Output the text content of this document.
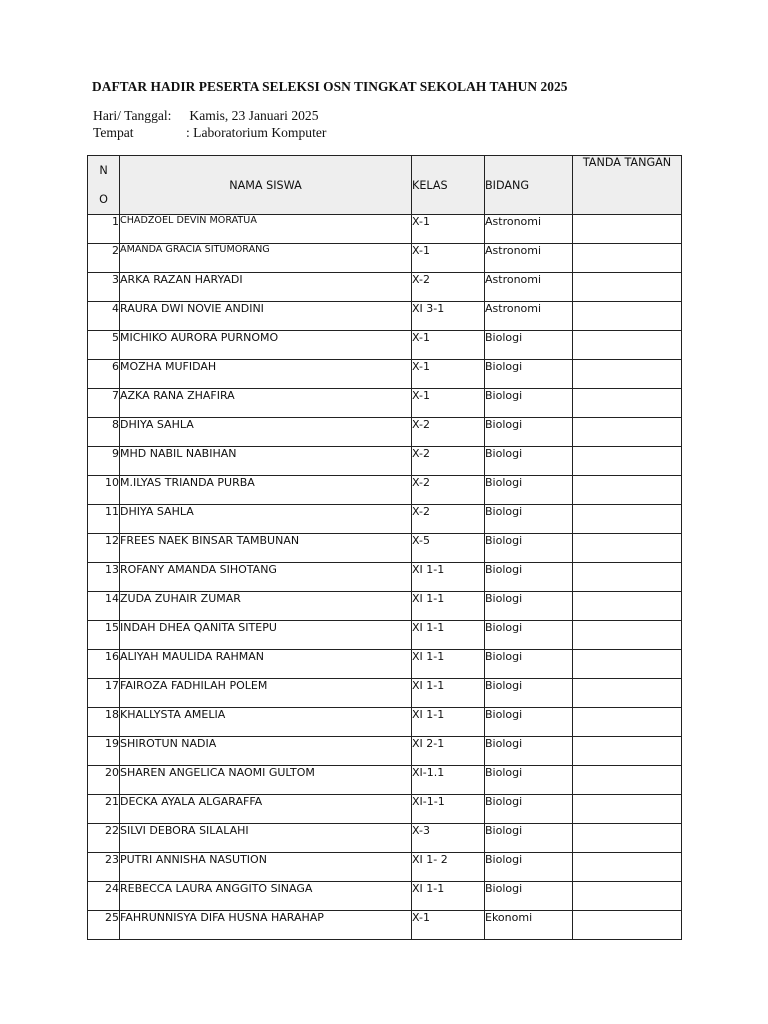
DAFTAR HADIR PESERTA SELEKSI OSN TINGKAT SEKOLAH TAHUN 2025
Hari/ Tanggal: Kamis, 23 Januari 2025
Tempat	: Laboratorium Komputer
N
O	NAMA SISWA	KELAS	BIDANG	TANDA TANGAN
1	CHADZOEL DEVIN MORATUA	X-1	Astronomi	
2	AMANDA GRACIA SITUMORANG	X-1	Astronomi	
3	ARKA RAZAN HARYADI	X-2	Astronomi	
4	RAURA DWI NOVIE ANDINI	XI 3-1	Astronomi	
5	MICHIKO AURORA PURNOMO	X-1	Biologi	
6	MOZHA MUFIDAH	X-1	Biologi	
7	AZKA RANA ZHAFIRA	X-1	Biologi	
8	DHIYA SAHLA	X-2	Biologi	
9	MHD NABIL NABIHAN	X-2	Biologi	
10	M.ILYAS TRIANDA PURBA	X-2	Biologi	
11	DHIYA SAHLA	X-2	Biologi	
12	FREES NAEK BINSAR TAMBUNAN	X-5	Biologi	
13	ROFANY AMANDA SIHOTANG	XI 1-1	Biologi	
14	ZUDA ZUHAIR ZUMAR	XI 1-1	Biologi	
15	INDAH DHEA QANITA SITEPU	XI 1-1	Biologi	
16	ALIYAH MAULIDA RAHMAN	XI 1-1	Biologi	
17	FAIROZA FADHILAH POLEM	XI 1-1	Biologi	
18	KHALLYSTA AMELIA	XI 1-1	Biologi	
19	SHIROTUN NADIA	XI 2-1	Biologi	
20	SHAREN ANGELICA NAOMI GULTOM	XI-1.1	Biologi	
21	DECKA AYALA ALGARAFFA	XI-1-1	Biologi	
22	SILVI DEBORA SILALAHI	X-3	Biologi	
23	PUTRI ANNISHA NASUTION	XI 1- 2	Biologi	
24	REBECCA LAURA ANGGITO SINAGA	XI 1-1	Biologi	
25	FAHRUNNISYA DIFA HUSNA HARAHAP	X-1	Ekonomi	
